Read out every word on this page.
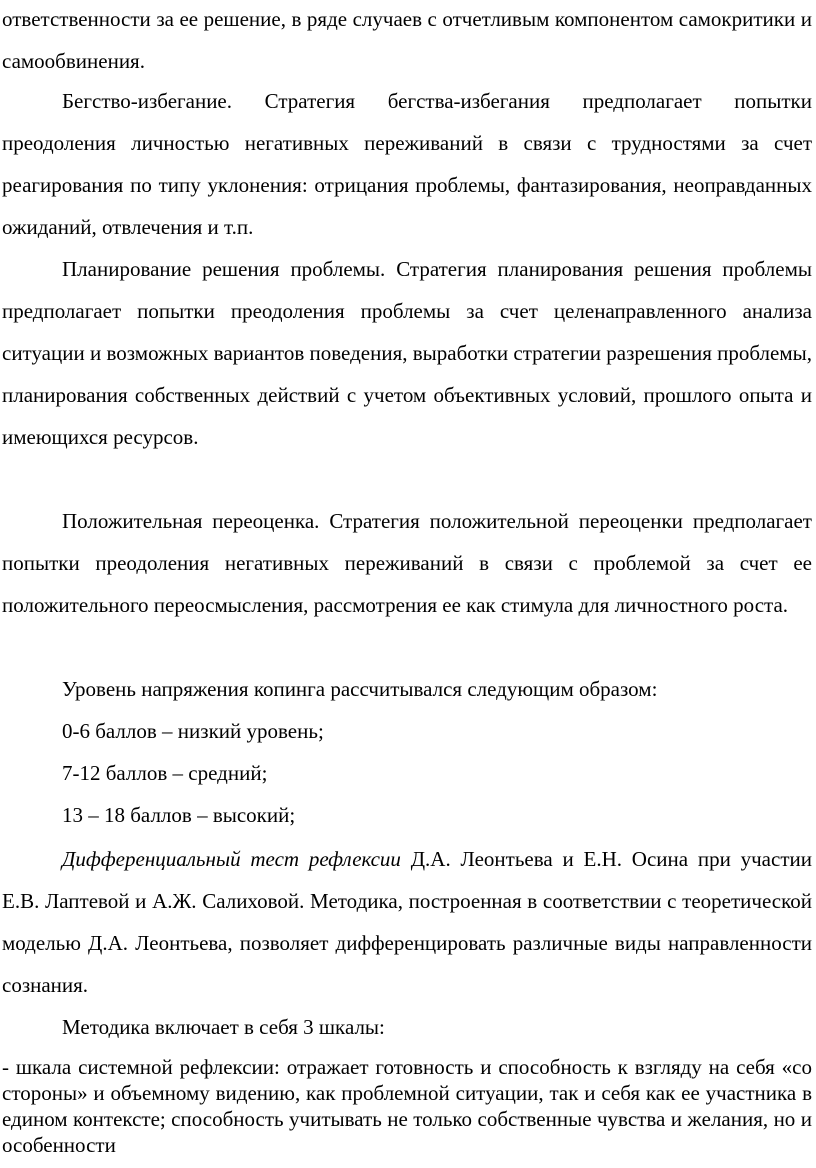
ответственности за ее решение, в ряде случаев с отчетливым компонентом самокритики и самообвинения.

Бегство-избегание. Стратегия бегства-избегания предполагает попытки преодоления личностью негативных переживаний в связи с трудностями за счет реагирования по типу уклонения: отрицания проблемы, фантазирования, неоправданных ожиданий, отвлечения и т.п.

Планирование решения проблемы. Стратегия планирования решения проблемы предполагает попытки преодоления проблемы за счет целенаправленного анализа ситуации и возможных вариантов поведения, выработки стратегии разрешения проблемы, планирования собственных действий с учетом объективных условий, прошлого опыта и имеющихся ресурсов.

Положительная переоценка. Стратегия положительной переоценки предполагает попытки преодоления негативных переживаний в связи с проблемой за счет ее положительного переосмысления, рассмотрения ее как стимула для личностного роста.

Уровень напряжения копинга рассчитывался следующим образом:

0-6 баллов – низкий уровень;

7-12 баллов – средний;

13 – 18 баллов – высокий;

Дифференциальный тест рефлексии Д.А. Леонтьева и Е.Н. Осина при участии Е.В. Лаптевой и А.Ж. Салиховой. Методика, построенная в соответствии с теоретической моделью Д.А. Леонтьева, позволяет дифференцировать различные виды направленности сознания.

Методика включает в себя 3 шкалы:

- шкала системной рефлексии: отражает готовность и способность к взгляду на себя «со стороны» и объемному видению, как проблемной ситуации, так и себя как ее участника в едином контексте; способность учитывать не только собственные чувства и желания, но и особенности
